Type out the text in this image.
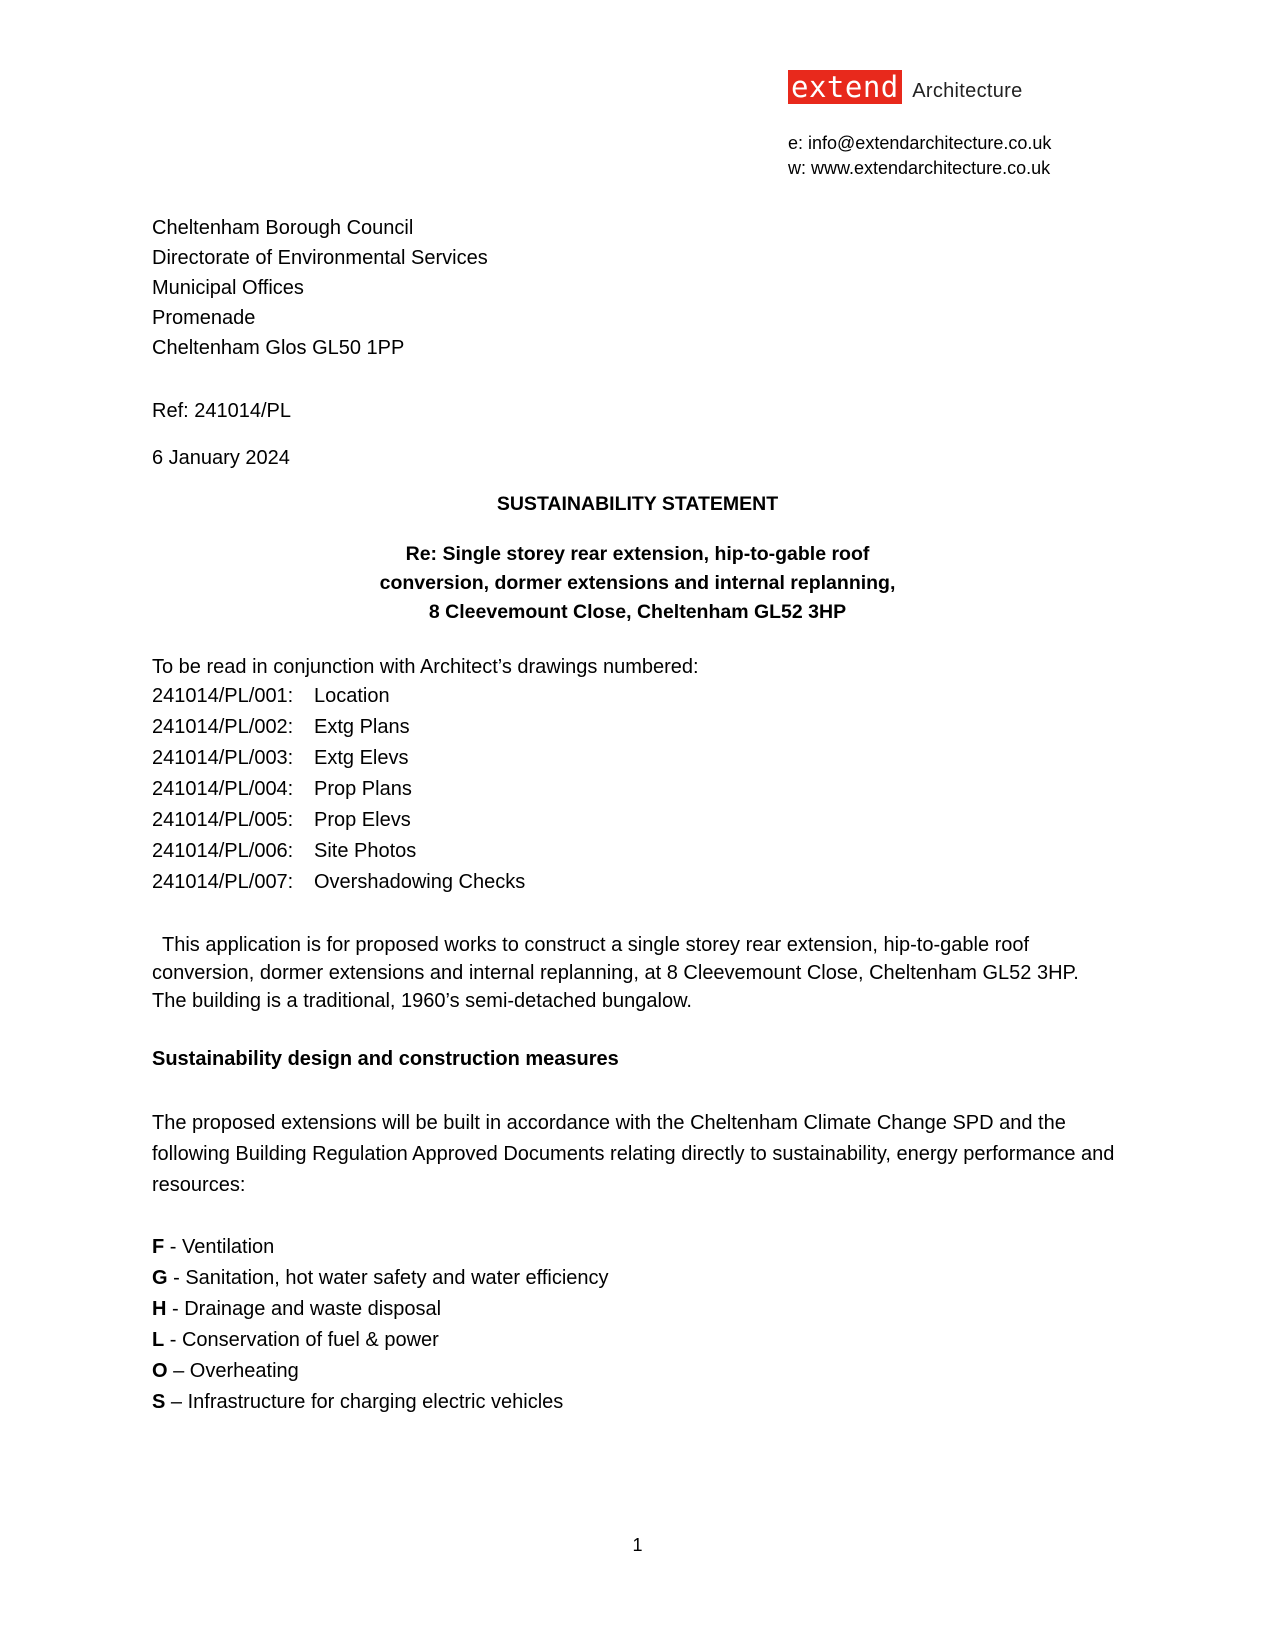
extend Architecture
e: info@extendarchitecture.co.uk
w: www.extendarchitecture.co.uk
Cheltenham Borough Council
Directorate of Environmental Services
Municipal Offices
Promenade
Cheltenham Glos GL50 1PP
Ref: 241014/PL
6 January 2024
SUSTAINABILITY STATEMENT
Re: Single storey rear extension, hip-to-gable roof
conversion, dormer extensions and internal replanning,
8 Cleevemount Close, Cheltenham GL52 3HP
To be read in conjunction with Architect’s drawings numbered:
241014/PL/001: Location
241014/PL/002: Extg Plans
241014/PL/003: Extg Elevs
241014/PL/004: Prop Plans
241014/PL/005: Prop Elevs
241014/PL/006: Site Photos
241014/PL/007: Overshadowing Checks
This application is for proposed works to construct a single storey rear extension, hip-to-gable roof conversion, dormer extensions and internal replanning, at 8 Cleevemount Close, Cheltenham GL52 3HP. The building is a traditional, 1960’s semi-detached bungalow.
Sustainability design and construction measures
The proposed extensions will be built in accordance with the Cheltenham Climate Change SPD and the following Building Regulation Approved Documents relating directly to sustainability, energy performance and resources:
F - Ventilation
G - Sanitation, hot water safety and water efficiency
H - Drainage and waste disposal
L - Conservation of fuel & power
O – Overheating
S – Infrastructure for charging electric vehicles
1
